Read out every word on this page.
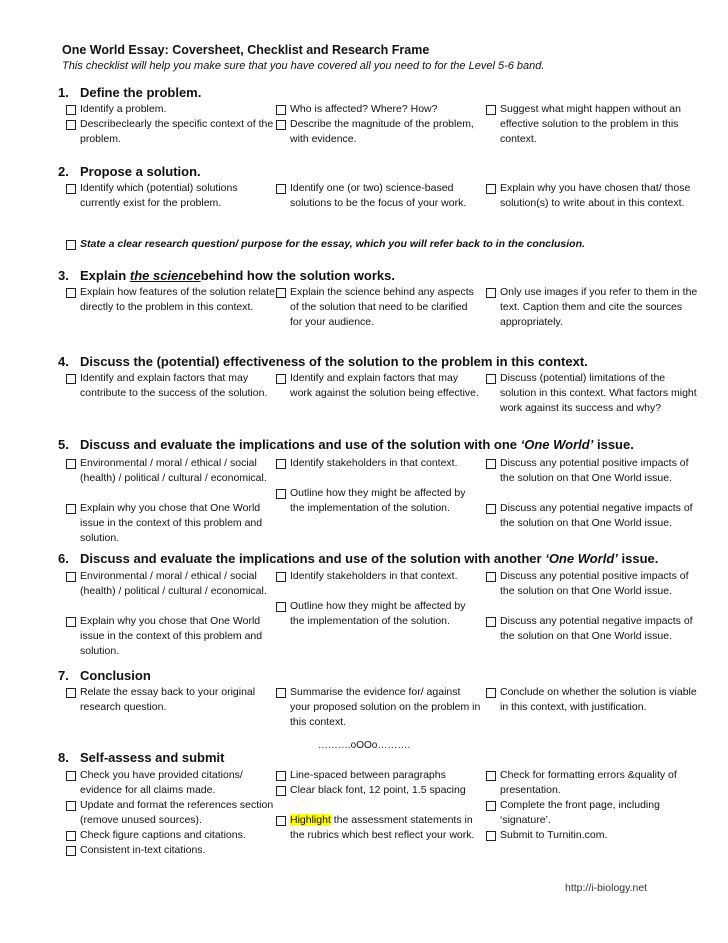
One World Essay: Coversheet, Checklist and Research Frame
This checklist will help you make sure that you have covered all you need to for the Level 5-6 band.
1. Define the problem.
Identify a problem.
Describeclearly the specific context of the problem.
Who is affected? Where? How?
Describe the magnitude of the problem, with evidence.
Suggest what might happen without an effective solution to the problem in this context.
2. Propose a solution.
Identify which (potential) solutions currently exist for the problem.
Identify one (or two) science-based solutions to be the focus of your work.
Explain why you have chosen that/ those solution(s) to write about in this context.
State a clear research question/ purpose for the essay, which you will refer back to in the conclusion.
3. Explain the sciencebehind how the solution works.
Explain how features of the solution relate directly to the problem in this context.
Explain the science behind any aspects of the solution that need to be clarified for your audience.
Only use images if you refer to them in the text. Caption them and cite the sources appropriately.
4. Discuss the (potential) effectiveness of the solution to the problem in this context.
Identify and explain factors that may contribute to the success of the solution.
Identify and explain factors that may work against the solution being effective.
Discuss (potential) limitations of the solution in this context. What factors might work against its success and why?
5. Discuss and evaluate the implications and use of the solution with one ‘One World’ issue.
Environmental / moral / ethical / social (health) / political / cultural / economical.
Explain why you chose that One World issue in the context of this problem and solution.
Identify stakeholders in that context.
Outline how they might be affected by the implementation of the solution.
Discuss any potential positive impacts of the solution on that One World issue.
Discuss any potential negative impacts of the solution on that One World issue.
6. Discuss and evaluate the implications and use of the solution with another ‘One World’ issue.
Environmental / moral / ethical / social (health) / political / cultural / economical.
Explain why you chose that One World issue in the context of this problem and solution.
Identify stakeholders in that context.
Outline how they might be affected by the implementation of the solution.
Discuss any potential positive impacts of the solution on that One World issue.
Discuss any potential negative impacts of the solution on that One World issue.
7. Conclusion
Relate the essay back to your original research question.
Summarise the evidence for/ against your proposed solution on the problem in this context.
Conclude on whether the solution is viable in this context, with justification.
……….oOOo……….
8. Self-assess and submit
Check you have provided citations/ evidence for all claims made.
Update and format the references section (remove unused sources).
Check figure captions and citations.
Consistent in-text citations.
Line-spaced between paragraphs
Clear black font, 12 point, 1.5 spacing
Highlight the assessment statements in the rubrics which best reflect your work.
Check for formatting errors &quality of presentation.
Complete the front page, including ‘signature’.
Submit to Turnitin.com.
http://i-biology.net
